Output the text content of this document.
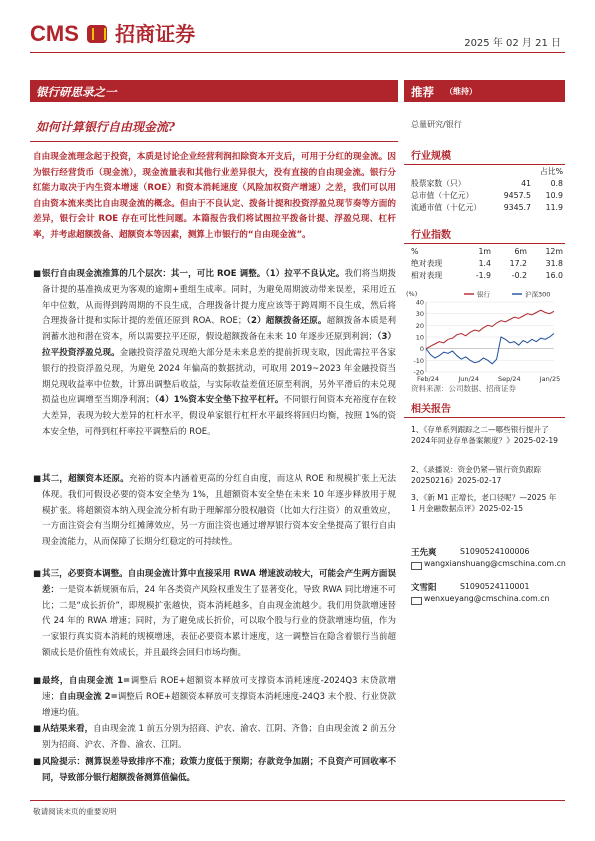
CMS 招商证券	2025 年 02 月 21 日
银行研思录之一
如何计算银行自由现金流?
自由现金流理念起于投资，本质是讨论企业经营利润扣除资本开支后，可用于分红的现金流。因为银行经营货币（现金流），现金流量表和其他行业差异很大，没有直接的自由现金流。银行分红能力取决于内生资本增速（ROE）和资本消耗速度（风险加权资产增速）之差，我们可以用自由资本流来类比自由现金流的概念。但由于不良认定、拨备计提和投资浮盈兑现节奏等方面的差异，银行会计 ROE 存在可比性问题。本篇报告我们将试图拉平拨备计提、浮盈兑现、杠杆率，并考虑超额拨备、超额资本等因素，测算上市银行的“自由现金流”。
■ 银行自由现金流推算的几个层次：其一，可比 ROE 调整。（1）拉平不良认定。我们将当期拨备计提的基准换成更为客观的逾期+重组生成率。同时，为避免周期波动带来误差，采用近五年中位数，从而得到跨周期的不良生成，合理拨备计提力度应该等于跨周期不良生成，然后将合理拨备计提和实际计提的差值还原到 ROA、ROE；（2）超额拨备还原。超额拨备本质是利润蓄水池和潜在资本，所以需要拉平还原，假设超额拨备在未来 10 年逐步还原到利润；（3）拉平投资浮盈兑现。金融投资浮盈兑现绝大部分是未来息差的提前折现支取，因此需拉平各家银行的投资浮盈兑现，为避免 2024 年偏高的数据扰动，可取用 2019~2023 年金融投资当期兑现收益率中位数，计算出调整后收益，与实际收益差值还原至利润，另外平滑后的未兑现损益也应调增至当期净利润；（4）1%资本安全垫下拉平杠杆。不同银行间资本充裕度存在较大差异，表现为较大差异的杠杆水平，假设单家银行杠杆水平最终将回归均衡，按照 1%的资本安全垫，可得到杠杆率拉平调整后的 ROE。
■ 其二，超额资本还原。充裕的资本内涵着更高的分红自由度，而这从 ROE 和规模扩张上无法体现。我们可假设必要的资本安全垫为 1%，且超额资本安全垫在未来 10 年逐步释放用于规模扩张。将超额资本纳入现金流分析有助于理解部分股权融资（比如大行注资）的双重效应，一方面注资会有当期分红摊薄效应，另一方面注资也通过增厚银行资本安全垫提高了银行自由现金流能力，从而保障了长期分红稳定的可持续性。
■ 其三，必要资本调整。自由现金流计算中直接采用 RWA 增速波动较大，可能会产生两方面误差：一是资本新规颁布后，24 年各类资产风险权重发生了显著变化，导致 RWA 同比增速不可比；二是“成长折价”，即规模扩张越快，资本消耗越多，自由现金流越少。我们用贷款增速替代 24 年的 RWA 增速；同时，为了避免成长折价，可以取个股与行业的贷款增速均值，作为一家银行真实资本消耗的规模增速，表征必要资本累计速度，这一调整旨在隐含着银行当前超额成长是价值性有效成长，并且最终会回归市场均衡。
■ 最终，自由现金流 1=调整后 ROE+超额资本释放可支撑资本消耗速度-2024Q3 末贷款增速；自由现金流 2=调整后 ROE+超额资本释放可支撑资本消耗速度-24Q3 末个股、行业贷款增速均值。
■ 从结果来看，自由现金流 1 前五分别为招商、沪农、渝农、江阴、齐鲁；自由现金流 2 前五分别为招商、沪农、齐鲁、渝农、江阴。
■ 风险提示：测算误差导致排序不准；政策力度低于预期；存款竞争加剧；不良资产可回收率不同，导致部分银行超额拨备测算值偏低。
推荐 （维持）
总量研究/银行
行业规模
		占比%
股票家数（只）	41	0.8
总市值（十亿元）	9457.5	10.9
流通市值（十亿元）	9345.7	11.9
行业指数
%	1m	6m	12m
绝对表现	1.4	17.2	31.8
相对表现	-1.9	-0.2	16.0
40
30
20
10
0
-10
-20
(%)
Feb/24	Jun/24	Sep/24	Jan/25
银行	沪深300
资料来源：公司数据、招商证券
相关报告
1、《存单系列跟踪之二—哪些银行提升了2024年同业存单备案额度？》2025-02-19
2、《录播说：资金仍紧—银行资负跟踪 20250216》2025-02-17
3、《新 M1 正增长，老口径呢？—2025 年 1 月金融数据点评》2025-02-15
王先爽	S1090524100006
wangxianshuang@cmschina.com.cn
文雪阳	S1090524110001
wenxueyang@cmschina.com.cn
敬请阅读末页的重要说明
